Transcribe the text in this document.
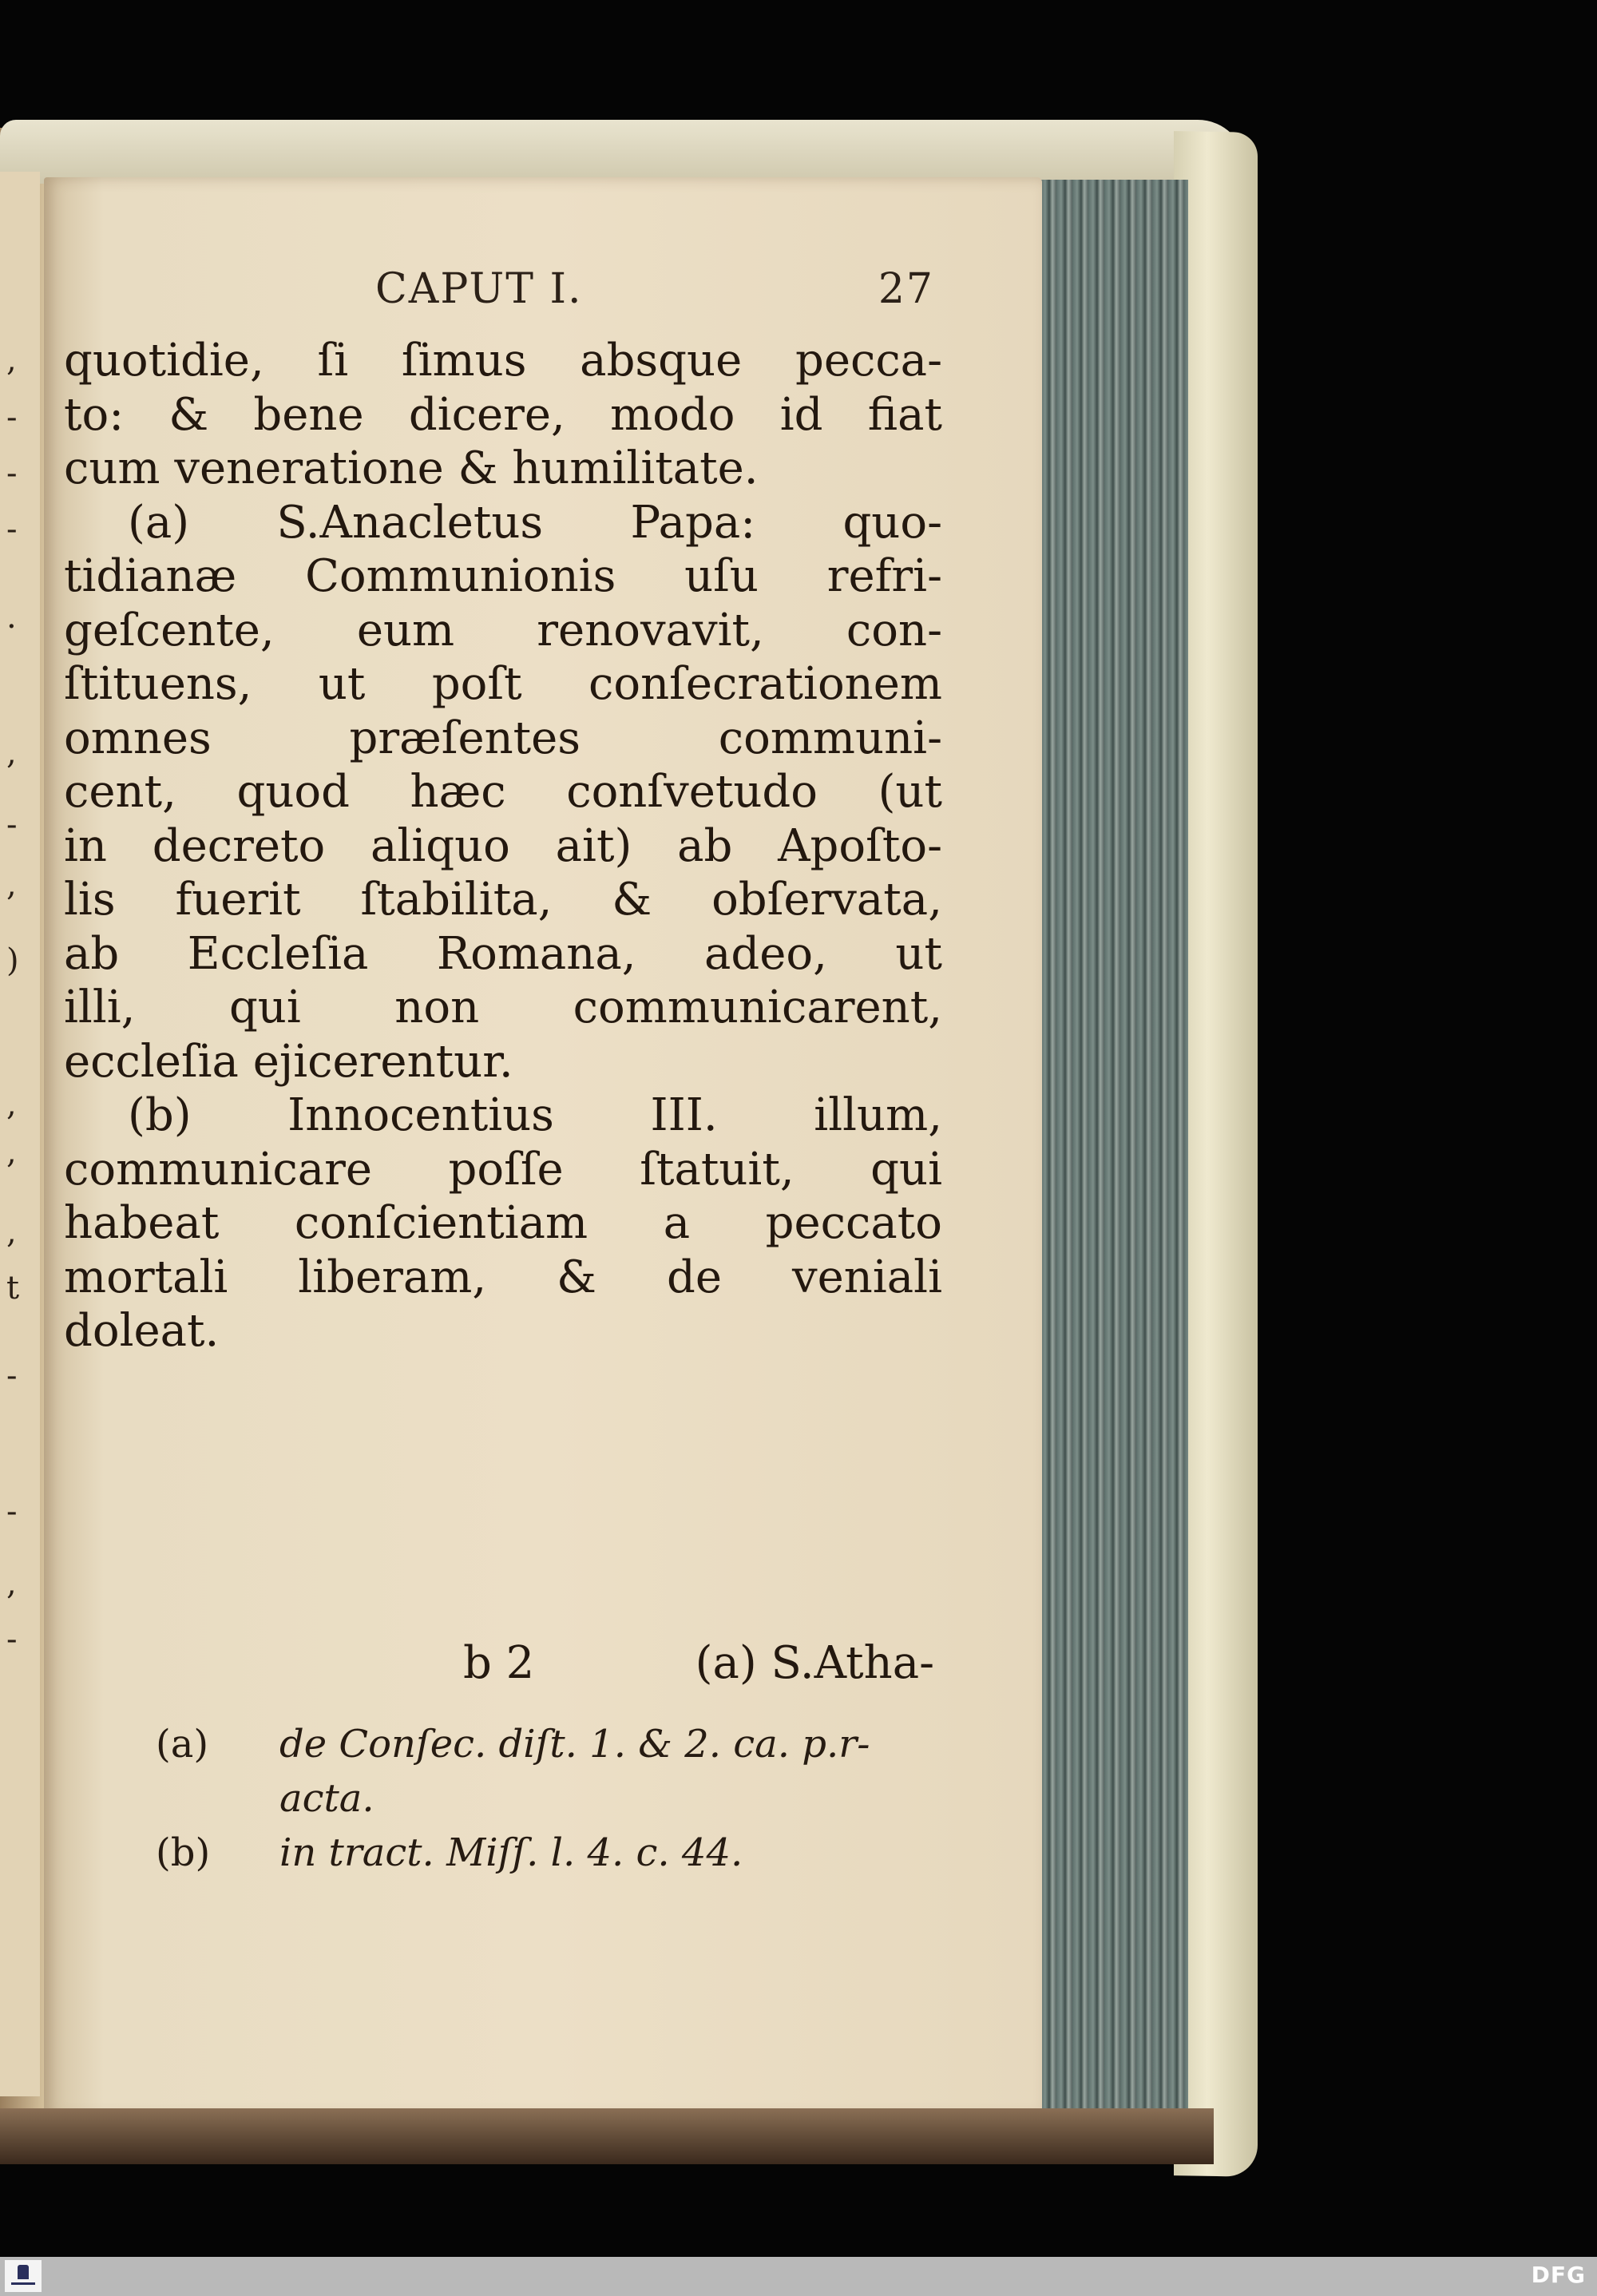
,
-
-
-
.
,
-
,
)
,
,
,
t
-
-
,
-
CAPUT I.	27
quotidie, ſi ſimus absque pecca-
to: & bene dicere, modo id fiat
cum veneratione & humilitate.
(a) S.Anacletus Papa: quo-
tidianæ Communionis uſu refri-
geſcente, eum renovavit, con-
ſtituens, ut poſt conſecrationem
omnes præſentes communi-
cent, quod hæc conſvetudo (ut
in decreto aliquo ait) ab Apoſto-
lis fuerit ſtabilita, & obſervata,
ab Eccleſia Romana, adeo, ut
illi, qui non communicarent,
eccleſia ejicerentur.
(b) Innocentius III. illum,
communicare poſſe ſtatuit, qui
habeat conſcientiam a peccato
mortali liberam, & de veniali
doleat.
b 2	(a) S.Atha-
(a) de Conſec. diſt. 1. & 2. ca. p.r-
acta.
(b) in tract. Miſſ. l. 4. c. 44.
DFG
